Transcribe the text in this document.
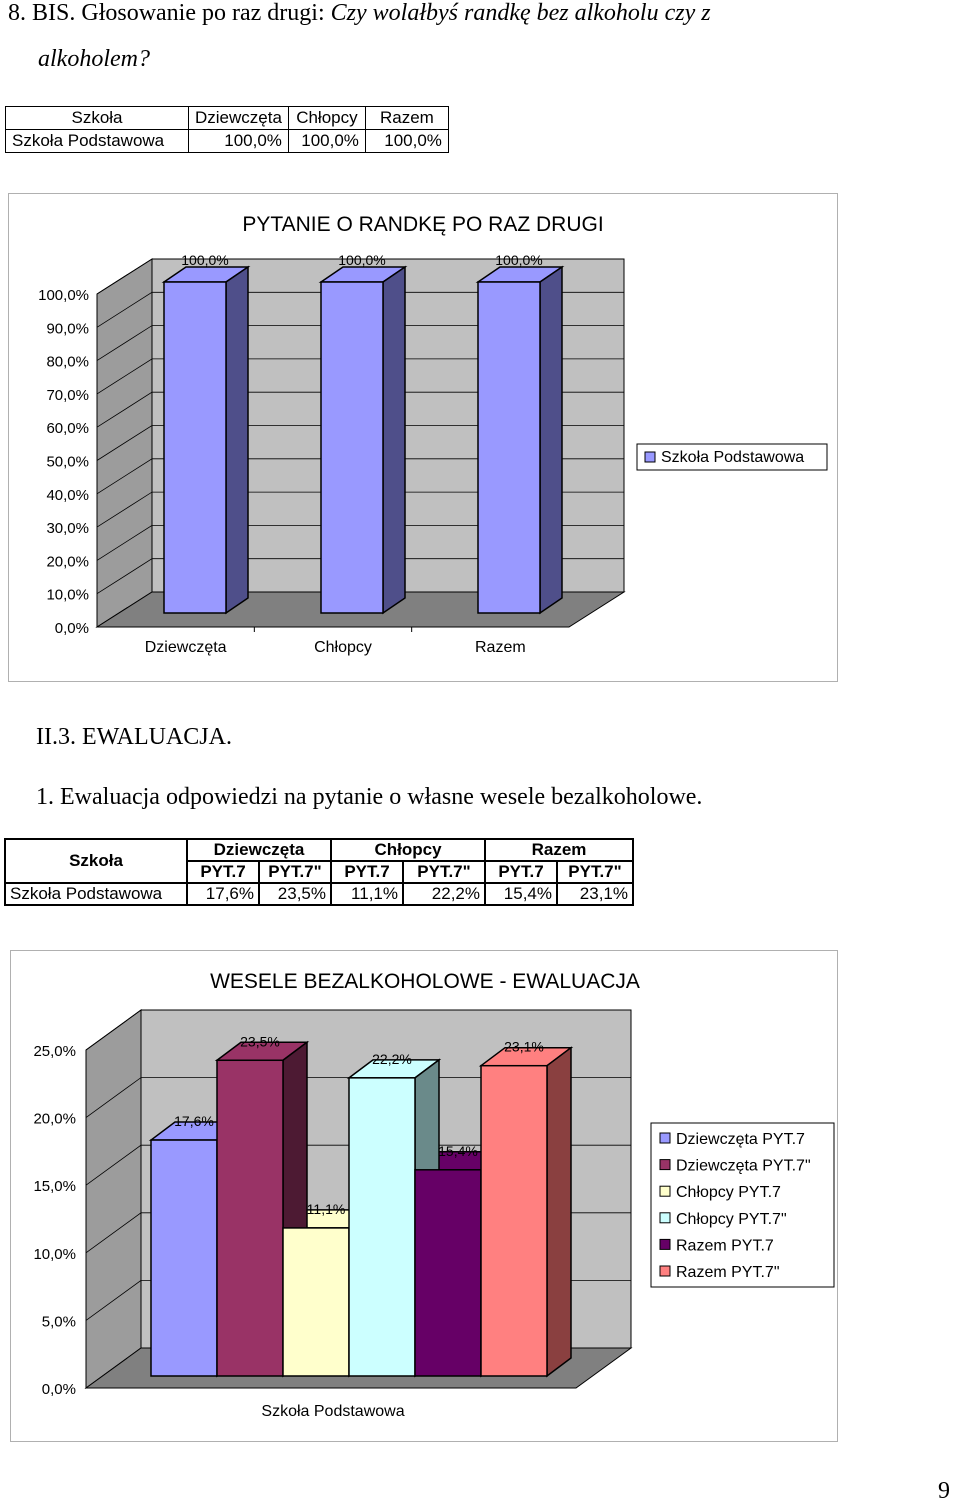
8. BIS. Głosowanie po raz drugi: Czy wolałbyś randkę bez alkoholu czy z
alkoholem?
Szkoła	Dziewczęta	Chłopcy	Razem
Szkoła Podstawowa	100,0%	100,0%	100,0%
PYTANIE O RANDKĘ PO RAZ DRUGI
0,0%
10,0%
20,0%
30,0%
40,0%
50,0%
60,0%
70,0%
80,0%
90,0%
100,0%
100,0%
Dziewczęta
100,0%
Chłopcy
100,0%
Razem
Szkoła Podstawowa
II.3. EWALUACJA.
1. Ewaluacja odpowiedzi na pytanie o własne wesele bezalkoholowe.
Szkoła	Dziewczęta		Chłopcy		Razem	
	PYT.7	PYT.7"	PYT.7	PYT.7"	PYT.7	PYT.7"
Szkoła Podstawowa	17,6%	23,5%	11,1%	22,2%	15,4%	23,1%
WESELE BEZALKOHOLOWE - EWALUACJA
0,0%
5,0%
10,0%
15,0%
20,0%
25,0%
17,6%
23,5%
11,1%
22,2%
15,4%
23,1%
Szkoła Podstawowa
Dziewczęta PYT.7
Dziewczęta PYT.7"
Chłopcy PYT.7
Chłopcy PYT.7"
Razem PYT.7
Razem PYT.7"
9
